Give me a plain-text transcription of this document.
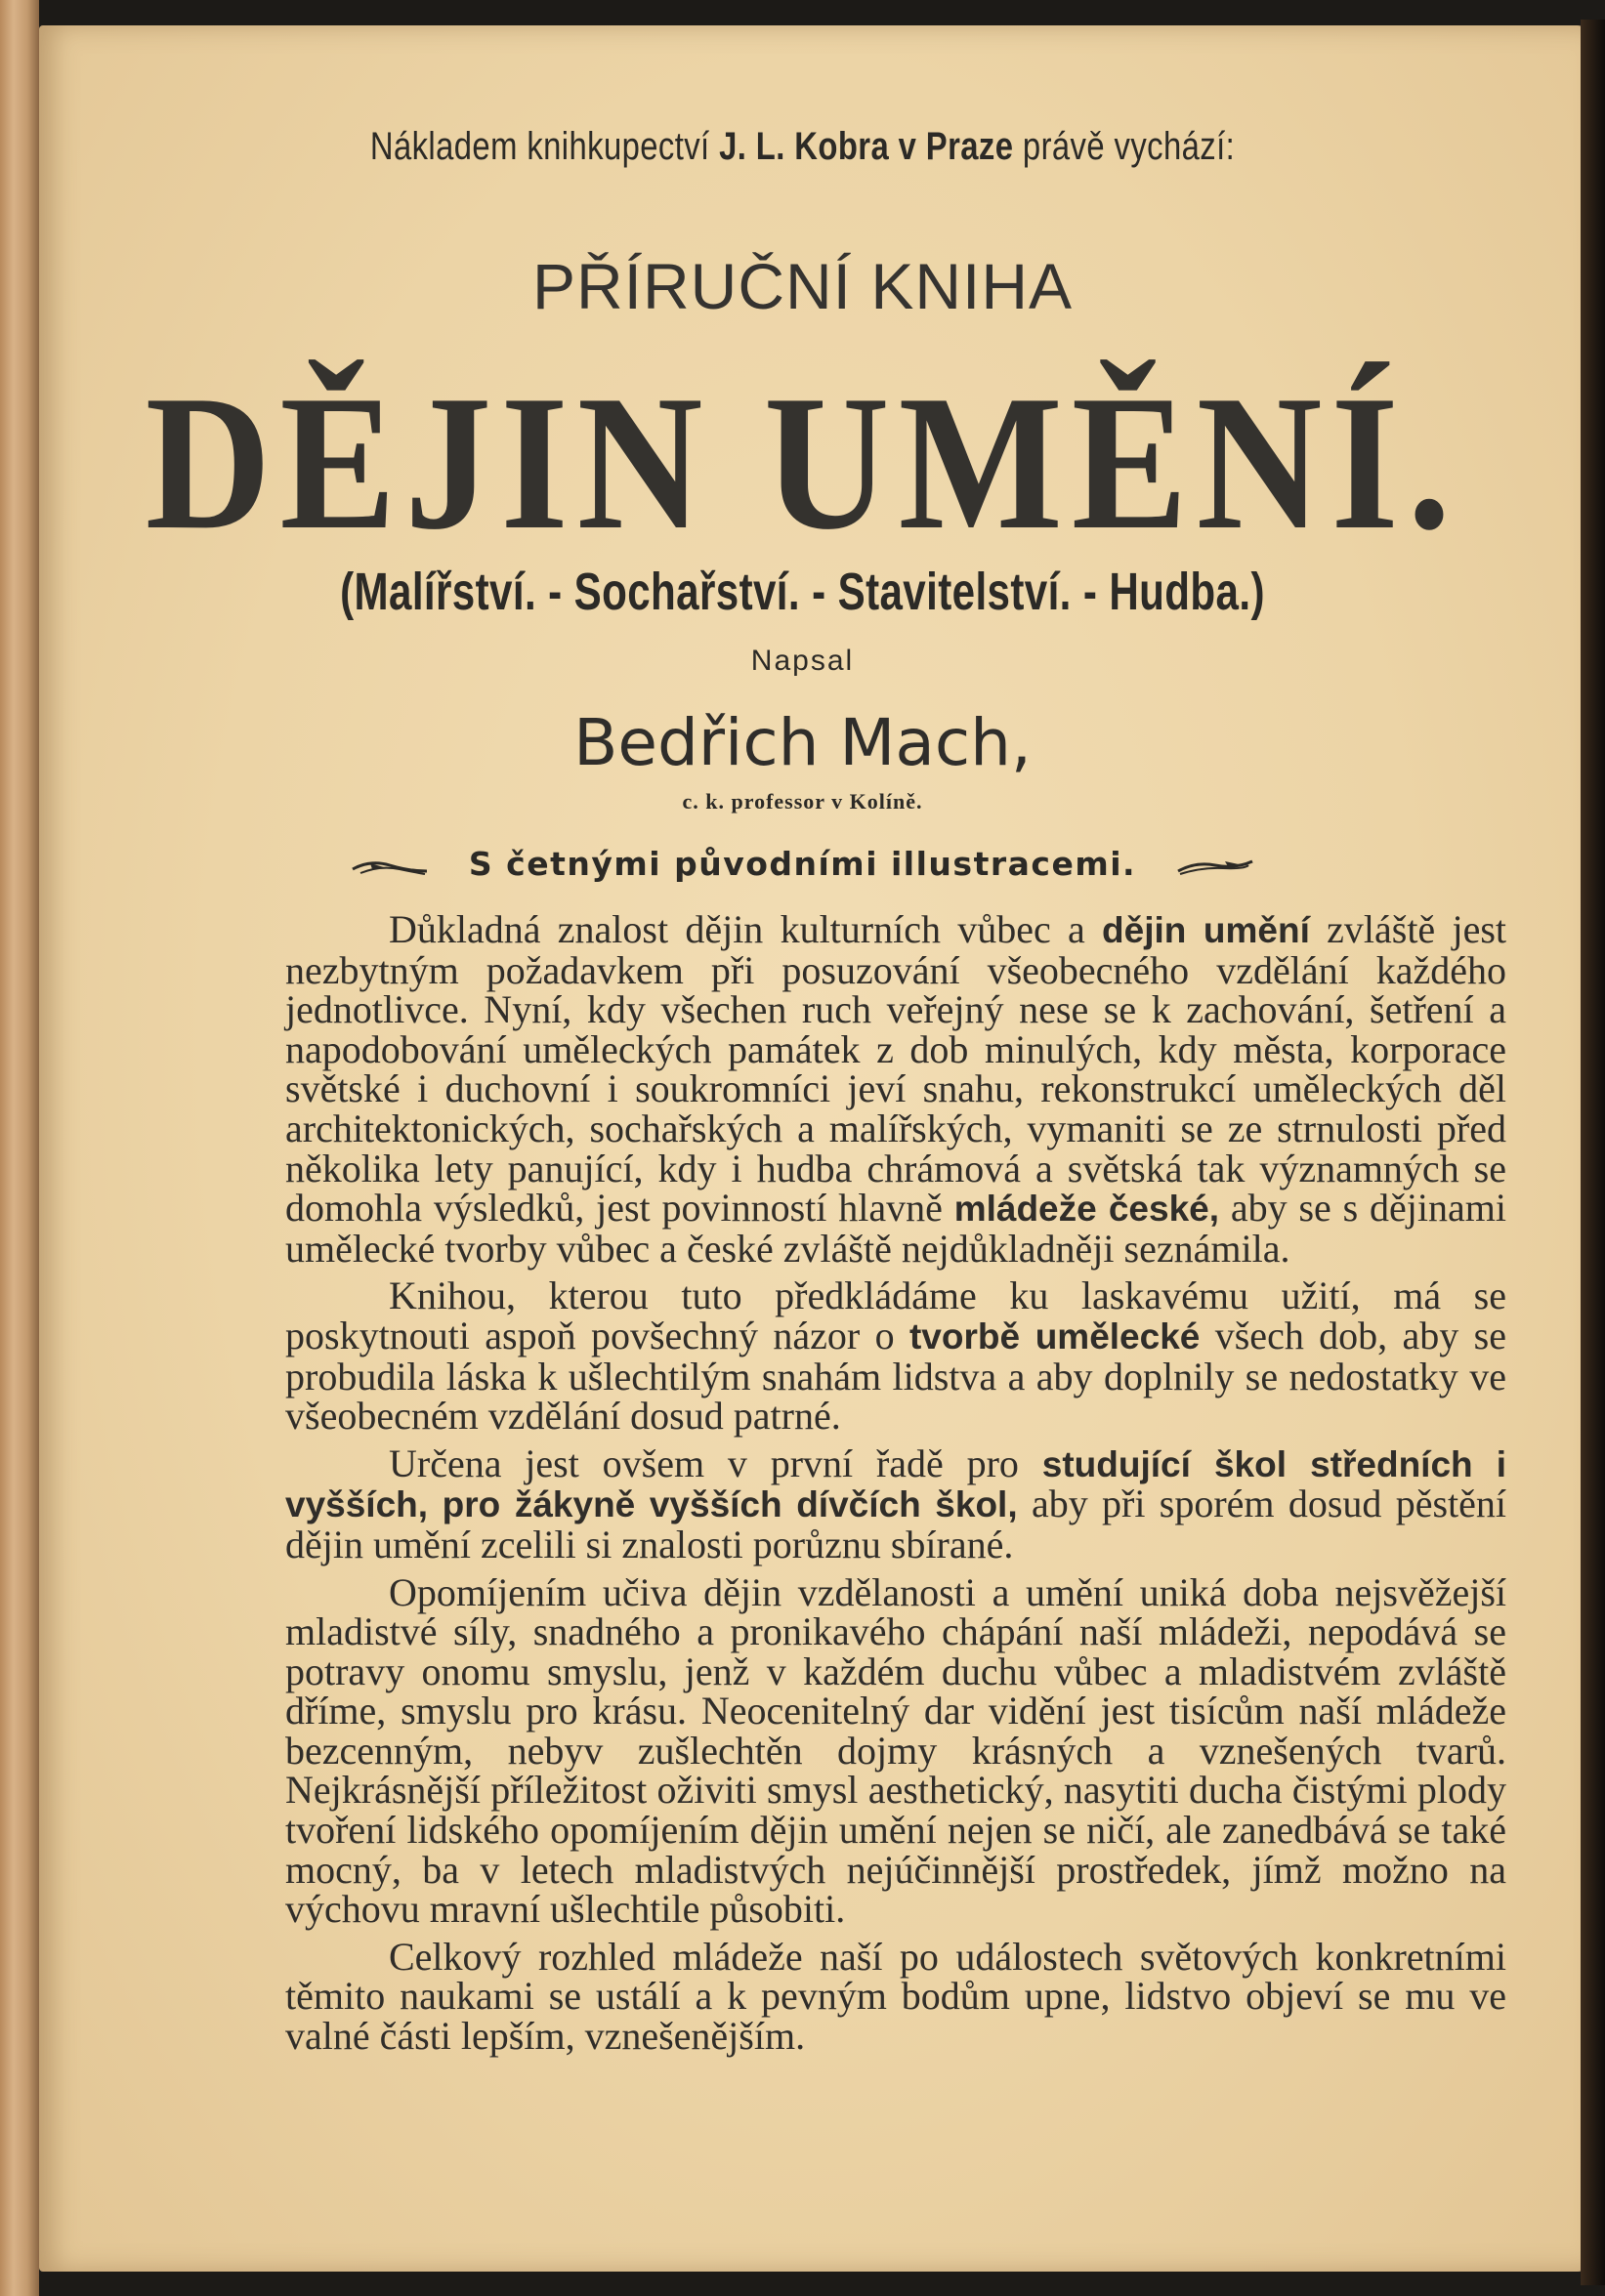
Nákladem knihkupectví J. L. Kobra v Praze právě vychází:
PŘÍRUČNÍ KNIHA
DĚJIN UMĚNÍ.
(Malířství. - Sochařství. - Stavitelství. - Hudba.)
Napsal
Bedřich Mach,
c. k. professor v Kolíně.
S četnými původními illustracemi.

Důkladná znalost dějin kulturních vůbec a dějin umění zvláště jest nezbytným požadavkem při posuzování všeobecného vzdělání každého jednotlivce. Nyní, kdy všechen ruch veřejný nese se k zachování, šetření a napodobování uměleckých památek z dob minulých, kdy města, korporace světské i duchovní i soukromníci jeví snahu, rekonstrukcí uměleckých děl architektonických, sochařských a malířských, vymaniti se ze strnulosti před několika lety panující, kdy i hudba chrámová a světská tak významných se domohla výsledků, jest povinností hlavně mládeže české, aby se s dějinami umělecké tvorby vůbec a české zvláště nejdůkladněji seznámila.

Knihou, kterou tuto předkládáme ku laskavému užití, má se poskytnouti aspoň povšechný názor o tvorbě umělecké všech dob, aby se probudila láska k ušlechtilým snahám lidstva a aby doplnily se nedostatky ve všeobecném vzdělání dosud patrné.

Určena jest ovšem v první řadě pro studující škol středních i vyšších, pro žákyně vyšších dívčích škol, aby při sporém dosud pěstění dějin umění zcelili si znalosti porůznu sbírané.

Opomíjením učiva dějin vzdělanosti a umění uniká doba nejsvěžejší mladistvé síly, snadného a pronikavého chápání naší mládeži, nepodává se potravy onomu smyslu, jenž v každém duchu vůbec a mladistvém zvláště dříme, smyslu pro krásu. Neocenitelný dar vidění jest tisícům naší mládeže bezcenným, nebyv zušlechtěn dojmy krásných a vznešených tvarů. Nejkrásnější příležitost oživiti smysl aesthetický, nasytiti ducha čistými plody tvoření lidského opomíjením dějin umění nejen se ničí, ale zanedbává se také mocný, ba v letech mladistvých nejúčinnější prostředek, jímž možno na výchovu mravní ušlechtile působiti.

Celkový rozhled mládeže naší po událostech světových konkretními těmito naukami se ustálí a k pevným bodům upne, lidstvo objeví se mu ve valné části lepším, vznešenějším.
